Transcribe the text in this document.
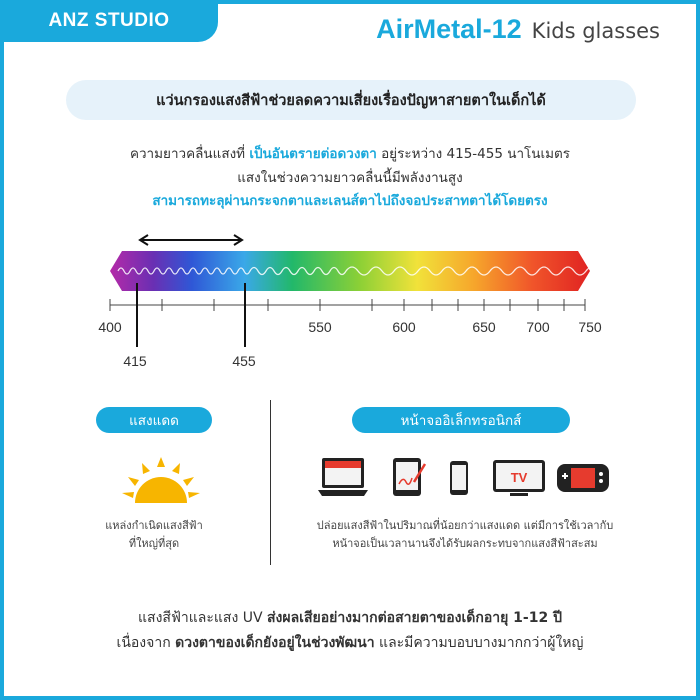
ANZ STUDIO	AirMetal-12 Kids glasses
แว่นกรองแสงสีฟ้าช่วยลดความเสี่ยงเรื่องปัญหาสายตาในเด็กได้
ความยาวคลื่นแสงที่ เป็นอันตรายต่อดวงตา อยู่ระหว่าง 415-455 นาโนเมตร
แสงในช่วงความยาวคลื่นนี้มีพลังงานสูง
สามารถทะลุผ่านกระจกตาและเลนส์ตาไปถึงจอประสาทตาได้โดยตรง
400	550	600	650 700 750
415	455
แสงแดด	หน้าจออิเล็กทรอนิกส์
แหล่งกำเนิดแสงสีฟ้า
ที่ใหญ่ที่สุด
TV
ปล่อยแสงสีฟ้าในปริมาณที่น้อยกว่าแสงแดด แต่มีการใช้เวลากับ
หน้าจอเป็นเวลานานจึงได้รับผลกระทบจากแสงสีฟ้าสะสม
แสงสีฟ้าและแสง UV ส่งผลเสียอย่างมากต่อสายตาของเด็กอายุ 1-12 ปี
เนื่องจาก ดวงตาของเด็กยังอยู่ในช่วงพัฒนา และมีความบอบบางมากกว่าผู้ใหญ่
